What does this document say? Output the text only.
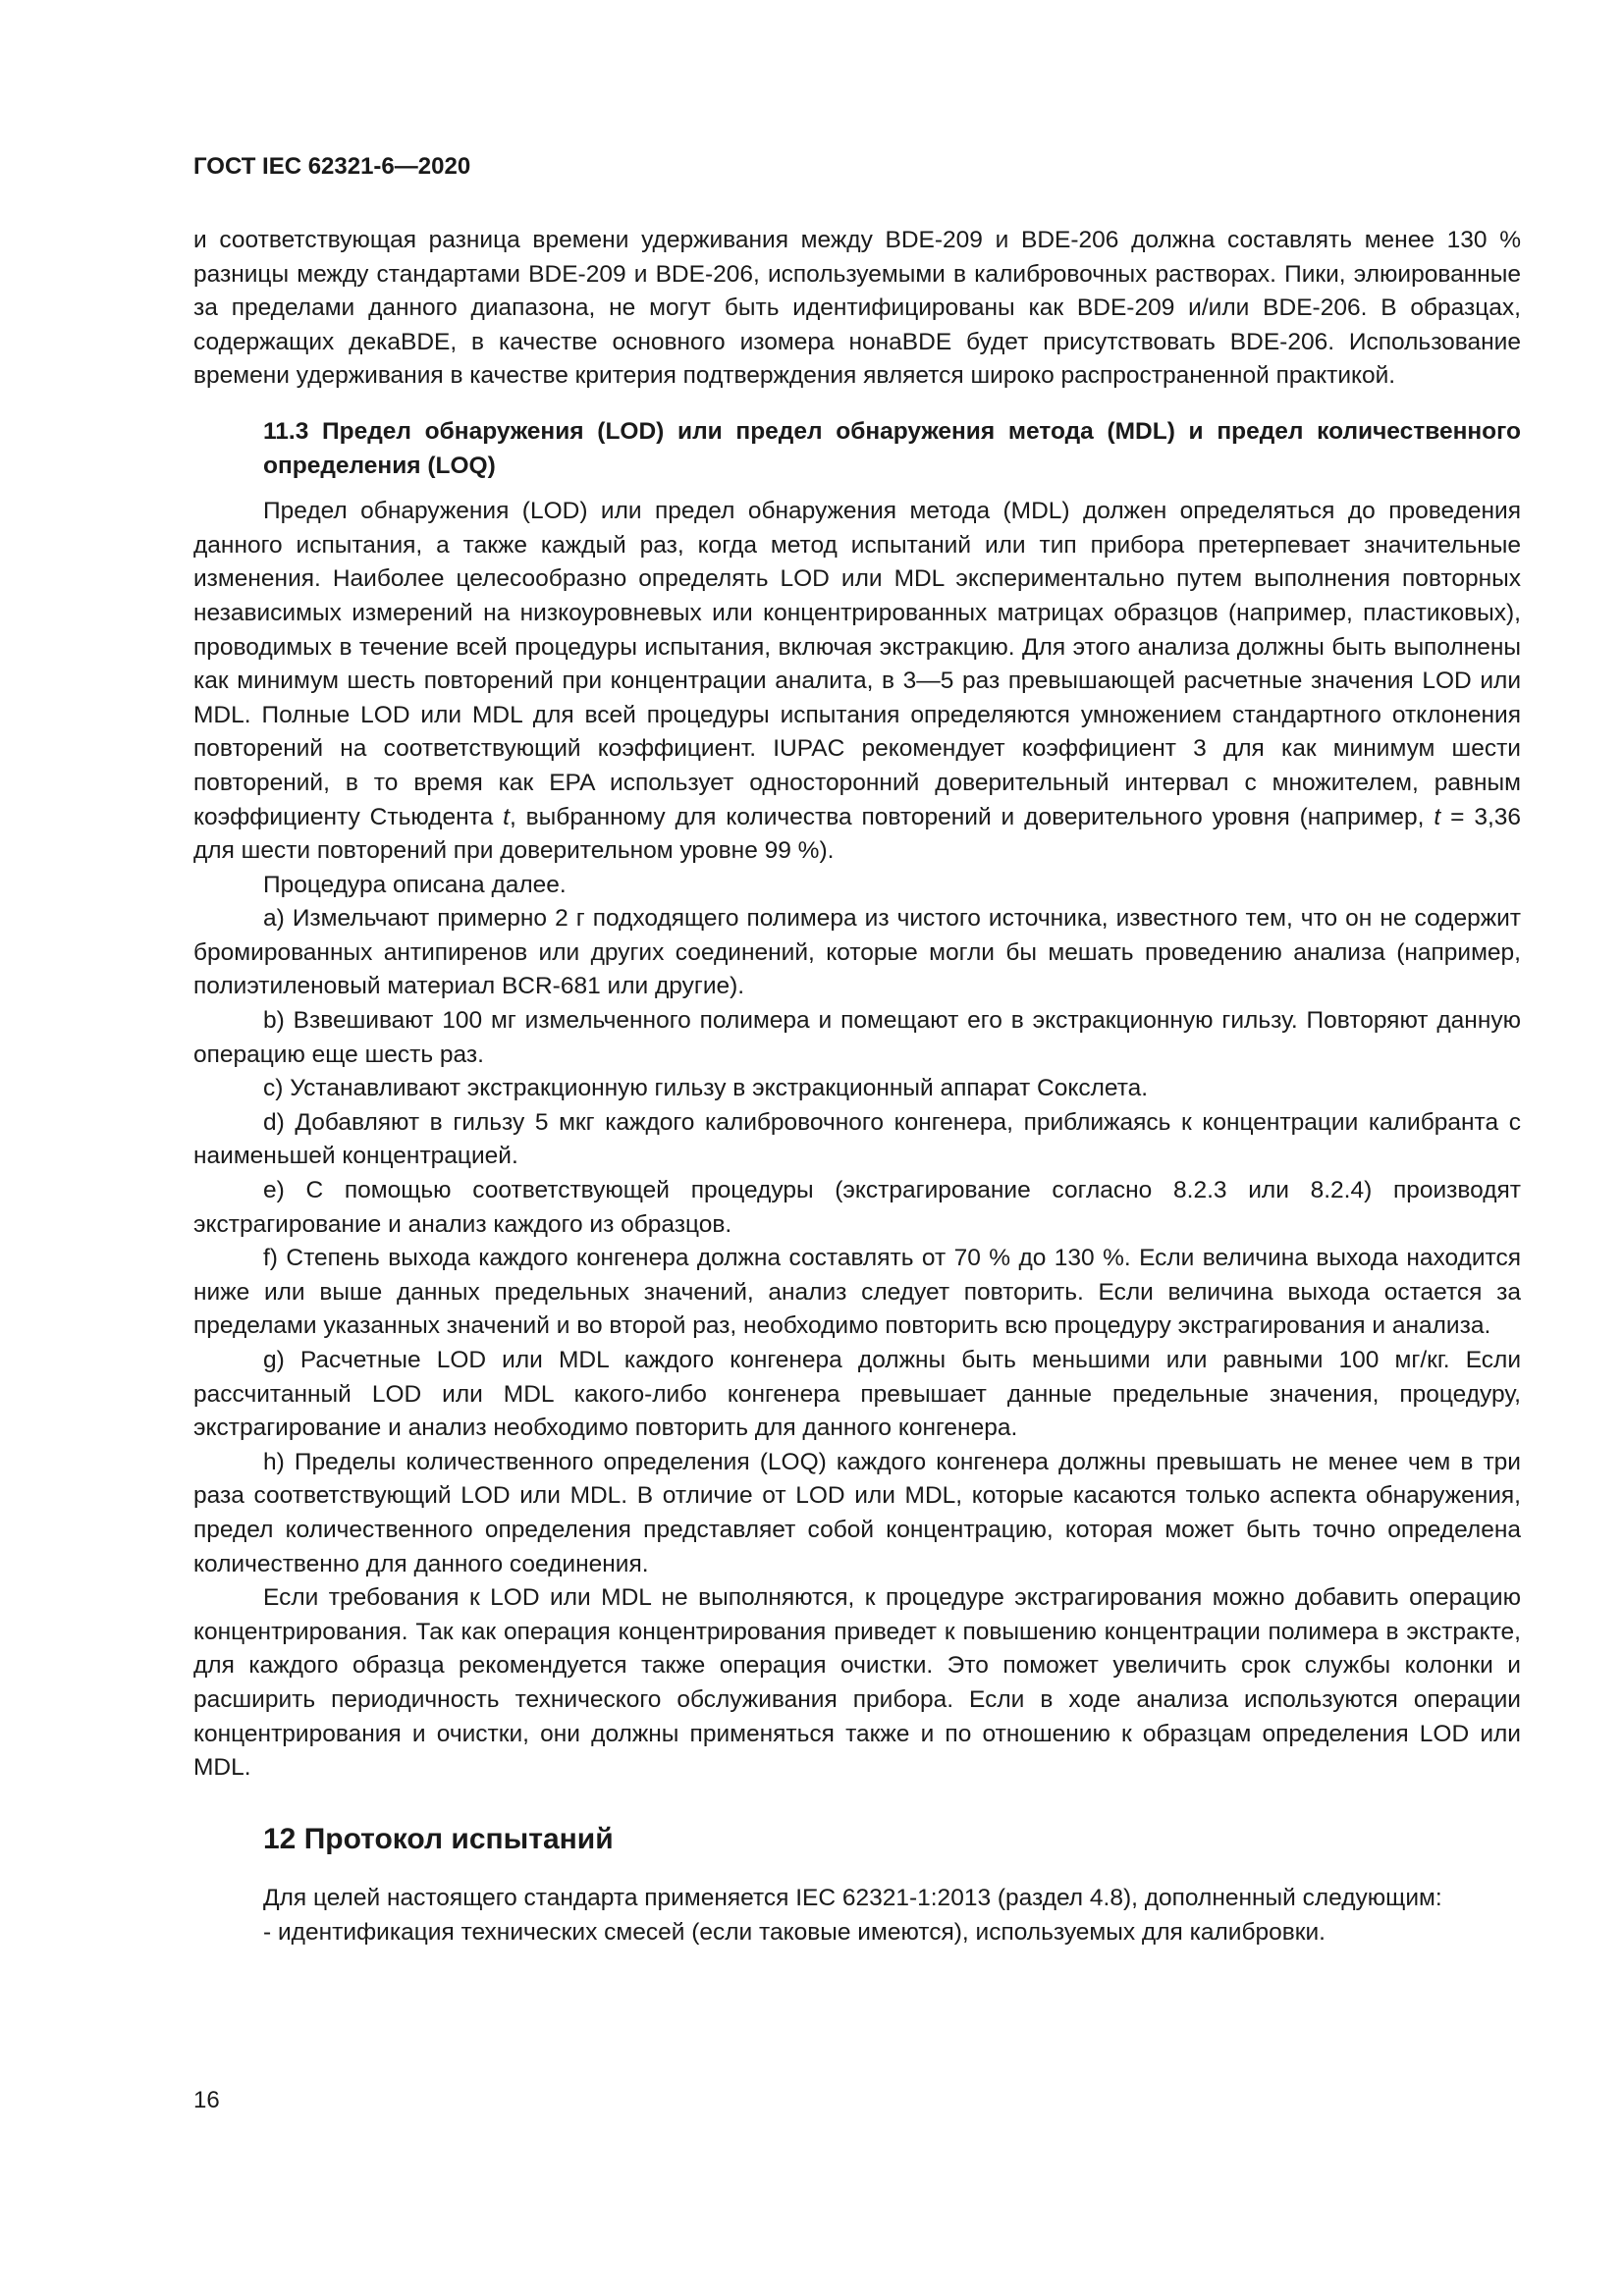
ГОСТ IEC 62321-6—2020

и соответствующая разница времени удерживания между BDE-209 и BDE-206 должна составлять менее 130 % разницы между стандартами BDE-209 и BDE-206, используемыми в калибровочных растворах. Пики, элюированные за пределами данного диапазона, не могут быть идентифицированы как BDE-209 и/или BDE-206. В образцах, содержащих декаBDE, в качестве основного изомера нонаBDE будет присутствовать BDE-206. Использование времени удерживания в качестве критерия подтверждения является широко распространенной практикой.

11.3 Предел обнаружения (LOD) или предел обнаружения метода (MDL) и предел количественного определения (LOQ)

Предел обнаружения (LOD) или предел обнаружения метода (MDL) должен определяться до проведения данного испытания, а также каждый раз, когда метод испытаний или тип прибора претерпевает значительные изменения. Наиболее целесообразно определять LOD или MDL экспериментально путем выполнения повторных независимых измерений на низкоуровневых или концентрированных матрицах образцов (например, пластиковых), проводимых в течение всей процедуры испытания, включая экстракцию. Для этого анализа должны быть выполнены как минимум шесть повторений при концентрации аналита, в 3—5 раз превышающей расчетные значения LOD или MDL. Полные LOD или MDL для всей процедуры испытания определяются умножением стандартного отклонения повторений на соответствующий коэффициент. IUPAC рекомендует коэффициент 3 для как минимум шести повторений, в то время как EPA использует односторонний доверительный интервал с множителем, равным коэффициенту Стьюдента t, выбранному для количества повторений и доверительного уровня (например, t = 3,36 для шести повторений при доверительном уровне 99 %).

Процедура описана далее.

a) Измельчают примерно 2 г подходящего полимера из чистого источника, известного тем, что он не содержит бромированных антипиренов или других соединений, которые могли бы мешать проведению анализа (например, полиэтиленовый материал BCR-681 или другие).

b) Взвешивают 100 мг измельченного полимера и помещают его в экстракционную гильзу. Повторяют данную операцию еще шесть раз.

c) Устанавливают экстракционную гильзу в экстракционный аппарат Сокслета.

d) Добавляют в гильзу 5 мкг каждого калибровочного конгенера, приближаясь к концентрации калибранта с наименьшей концентрацией.

e) С помощью соответствующей процедуры (экстрагирование согласно 8.2.3 или 8.2.4) производят экстрагирование и анализ каждого из образцов.

f) Степень выхода каждого конгенера должна составлять от 70 % до 130 %. Если величина выхода находится ниже или выше данных предельных значений, анализ следует повторить. Если величина выхода остается за пределами указанных значений и во второй раз, необходимо повторить всю процедуру экстрагирования и анализа.

g) Расчетные LOD или MDL каждого конгенера должны быть меньшими или равными 100 мг/кг. Если рассчитанный LOD или MDL какого-либо конгенера превышает данные предельные значения, процедуру, экстрагирование и анализ необходимо повторить для данного конгенера.

h) Пределы количественного определения (LOQ) каждого конгенера должны превышать не менее чем в три раза соответствующий LOD или MDL. В отличие от LOD или MDL, которые касаются только аспекта обнаружения, предел количественного определения представляет собой концентрацию, которая может быть точно определена количественно для данного соединения.

Если требования к LOD или MDL не выполняются, к процедуре экстрагирования можно добавить операцию концентрирования. Так как операция концентрирования приведет к повышению концентрации полимера в экстракте, для каждого образца рекомендуется также операция очистки. Это поможет увеличить срок службы колонки и расширить периодичность технического обслуживания прибора. Если в ходе анализа используются операции концентрирования и очистки, они должны применяться также и по отношению к образцам определения LOD или MDL.

12 Протокол испытаний

Для целей настоящего стандарта применяется IEC 62321-1:2013 (раздел 4.8), дополненный следующим:

- идентификация технических смесей (если таковые имеются), используемых для калибровки.

16
